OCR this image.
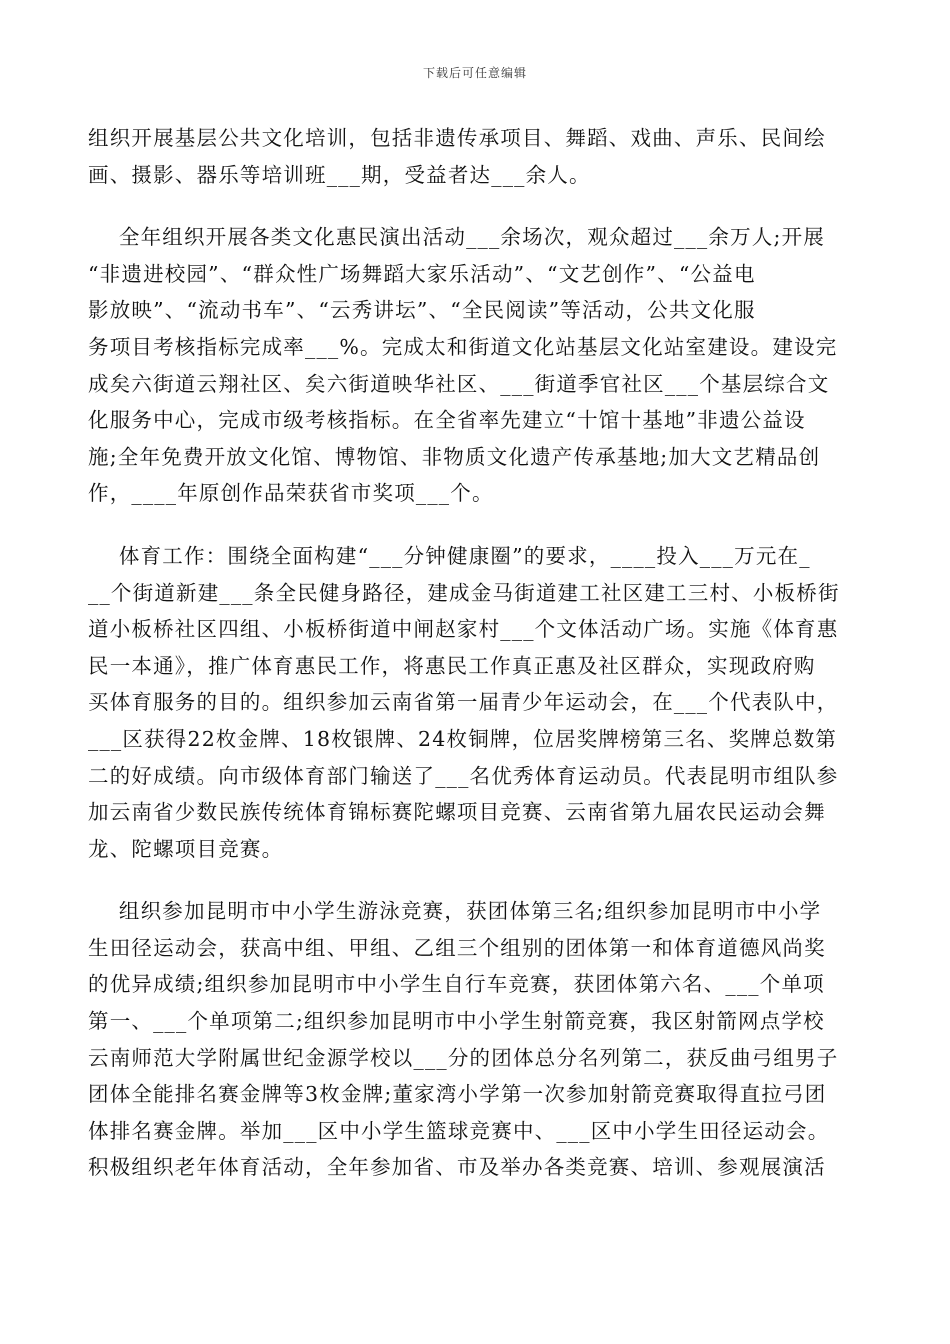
下载后可任意编辑
组织开展基层公共文化培训，包括非遗传承项目、舞蹈、戏曲、声乐、民间绘
画、摄影、器乐等培训班___期，受益者达___余人。
全年组织开展各类文化惠民演出活动___余场次，观众超过___余万人;开展
“非遗进校园”、“群众性广场舞蹈大家乐活动”、“文艺创作”、“公益电
影放映”、“流动书车”、“云秀讲坛”、“全民阅读”等活动，公共文化服
务项目考核指标完成率___%。完成太和街道文化站基层文化站室建设。建设完
成矣六街道云翔社区、矣六街道映华社区、___街道季官社区___个基层综合文
化服务中心，完成市级考核指标。在全省率先建立“十馆十基地”非遗公益设
施;全年免费开放文化馆、博物馆、非物质文化遗产传承基地;加大文艺精品创
作，____年原创作品荣获省市奖项___个。
体育工作：围绕全面构建“___分钟健康圈”的要求，____投入___万元在_
__个街道新建___条全民健身路径，建成金马街道建工社区建工三村、小板桥街
道小板桥社区四组、小板桥街道中闸赵家村___个文体活动广场。实施《体育惠
民一本通》，推广体育惠民工作，将惠民工作真正惠及社区群众，实现政府购
买体育服务的目的。组织参加云南省第一届青少年运动会，在___个代表队中，
___区获得22枚金牌、18枚银牌、24枚铜牌，位居奖牌榜第三名、奖牌总数第
二的好成绩。向市级体育部门输送了___名优秀体育运动员。代表昆明市组队参
加云南省少数民族传统体育锦标赛陀螺项目竞赛、云南省第九届农民运动会舞
龙、陀螺项目竞赛。
组织参加昆明市中小学生游泳竞赛，获团体第三名;组织参加昆明市中小学
生田径运动会，获高中组、甲组、乙组三个组别的团体第一和体育道德风尚奖
的优异成绩;组织参加昆明市中小学生自行车竞赛，获团体第六名、___个单项
第一、___个单项第二;组织参加昆明市中小学生射箭竞赛，我区射箭网点学校
云南师范大学附属世纪金源学校以___分的团体总分名列第二，获反曲弓组男子
团体全能排名赛金牌等3枚金牌;董家湾小学第一次参加射箭竞赛取得直拉弓团
体排名赛金牌。举加___区中小学生篮球竞赛中、___区中小学生田径运动会。
积极组织老年体育活动，全年参加省、市及举办各类竞赛、培训、参观展演活
